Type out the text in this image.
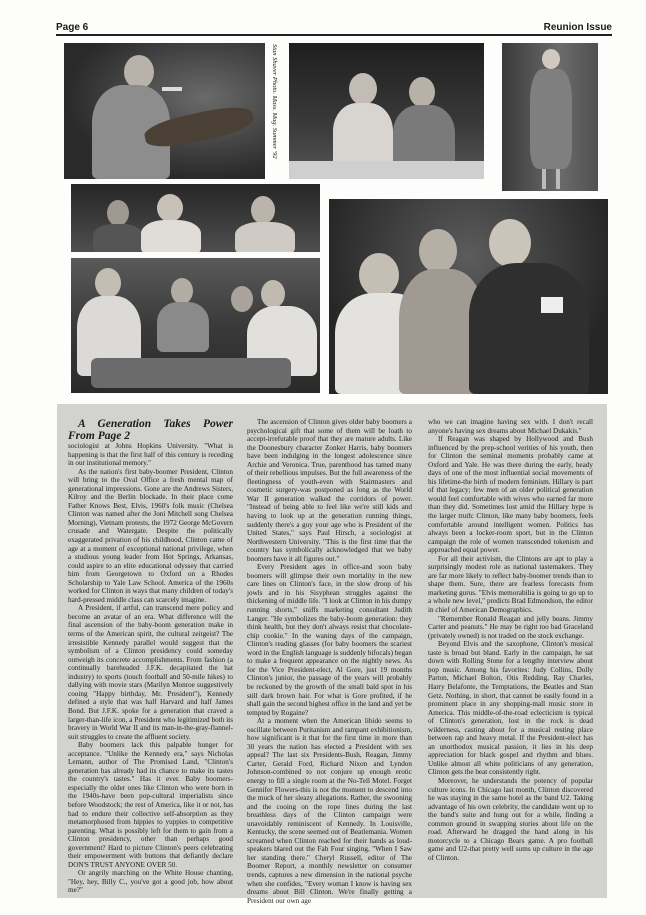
Page 6	Reunion Issue
Stan Shaver Photo. Mass. Mag. Summer '92

A Generation Takes Power From Page 2

sociologist at Johns Hopkins University. "What is happening is that the first half of this century is receding in our institutional memory."

As the nation's first baby-boomer President, Clinton will bring to the Oval Office a fresh mental map of generational impressions. Gone are the Andrews Sisters, Kilroy and the Berlin blockade. In their place come Father Knows Best, Elvis, 1960's folk music (Chelsea Clinton was named after the Joni Mitchell song Chelsea Morning), Vietnam protests, the 1972 George McGovern crusade and Watergate. Despite the politically exaggerated privation of his childhood, Clinton came of age at a moment of exceptional national privilege, when a studious young leader from Hot Springs, Arkansas, could aspire to an elite educational odyssey that carried him from Georgetown to Oxford on a Rhodes Scholarship to Yale Law School. America of the 1960s worked for Clinton in ways that many children of today's hard-pressed middle class can scarcely imagine.

A President, if artful, can transcend mere policy and become an avatar of an era. What difference will the final ascension of the baby-boom generation make in terms of the American spirit, the cultural zeitgeist? The irresistible Kennedy parallel would suggest that the symbolism of a Clinton presidency could someday outweigh its concrete accomplishments. From fashion (a continually bareheaded J.F.K. decapitated the hat industry) to sports (touch football and 50-mile hikes) to dallying with movie stars (Marilyn Monroe suggestively cooing "Happy birthday, Mr. President"), Kennedy defined a style that was half Harvard and half James Bond. But J.F.K. spoke for a generation that craved a larger-than-life icon, a President who legitimized both its bravery in World War II and its man-in-the-gray-flannel-suit struggles to create the affluent society.

Baby boomers lack this palpable hunger for acceptance. "Unlike the Kennedy era," says Nicholas Lemann, author of The Promised Land, "Clinton's generation has already had its chance to make its tastes the country's tastes." Has it ever. Baby boomers-especially the older ones like Clinton who were born in the 1940s-have been pop-cultural imperialists since before Woodstock; the rest of America, like it or not, has had to endure their collective self-absorption as they metamorphosed from hippies to yuppies to competitive parenting. What is possibly left for them to gain from a Clinton presidency, other than perhaps good government? Hard to picture Clinton's peers celebrating their empowerment with buttons that defiantly declare DON'S TRUST ANYONE OVER 50.

Or angrily marching on the White House chanting, "Hey, hey, Billy C., you've got a good job, how about me?"

The ascension of Clinton gives older baby boomers a psychological gift that some of them will be loath to accept-irrefutable proof that they are mature adults. Like the Doonesbury character Zonker Harris, baby boomers have been indulging in the longest adolescence since Archie and Veronica. True, parenthood has tamed many of their rebellious impulses. But the full awareness of the fleetingness of youth-even with Stairmasters and cosmetic surgery-was postponed as long as the World War II generation walked the corridors of power. "Instead of being able to feel like we're still kids and having to look up at the generation running things, suddenly there's a guy your age who is President of the United States," says Paul Hirsch, a sociologist at Northwestern University. "This is the first time that the country has symbolically acknowledged that we baby boomers have it all figures out."

Every President ages in office-and soon baby boomers will glimpse their own mortality in the new care lines on Clinton's face, in the slow droop of his jowls and in his Sisyphean struggles against the thickening of middle life. "I look at Clinton in his dumpy running shorts," sniffs marketing consultant Judith Langer. "He symbolizes the baby-boom generation: they think health, but they don't always resist that chocolate-chip cookie." In the waning days of the campaign, Clinton's reading glasses (for baby boomers the scariest word in the English language is suddenly bifocals) began to make a frequent appearance on the nightly news. As for the Vice President-elect, Al Gore, just 19 months Clinton's junior, the passage of the years will probably be reckoned by the growth of the small bald spot in his still dark brown hair. For what is Gore profited, if he shall gain the second highest office in the land and yet be tempted by Rogaine?

At a moment when the American libido seems to oscillate between Puritanism and rampant exhibitionism, how significant is it that for the first time in more than 30 years the nation has elected a President with sex appeal? The last six Presidents-Bush, Reagan, Jimmy Carter, Gerald Ford, Richard Nixon and Lyndon Johnson-combined to not conjure up enough erotic energy to fill a single room at the No-Tell Motel. Forget Gennifer Flowers-this is not the moment to descend into the muck of her sleazy allegations. Rather, the swooning and the cooing on the rope lines during the last breathless days of the Clinton campaign were unavoidably reminiscent of Kennedy. In Louisville, Kentucky, the scene seemed out of Beatlemania. Women screamed when Clinton reached for their hands as loud-speakers blared out the Fab Four singing, "When I Saw her standing there." Cheryl Russell, editor of The Boomer Report, a monthly newsletter on consumer trends, captures a new dimension in the national psyche when she confides, "Every woman I know is having sex dreams about Bill Clinton. We're finally getting a President our own age

who we can imagine having sex with. I don't recall anyone's having sex dreams about Michael Dukakis."

If Reagan was shaped by Hollywood and Bush influenced by the prep-school verities of his youth, then for Clinton the seminal moments probably came at Oxford and Yale. He was there during the early, heady days of one of the most influential social movements of his lifetime-the birth of modern feminism. Hillary is part of that legacy; few men of an older political generation would feel comfortable with wives who earned far more than they did. Sometimes lost amid the Hillary hype is the larger truth: Clinton, like many baby boomers, feels comfortable around intelligent women. Politics has always been a locker-room sport, but in the Clinton campaign the role of women transcended tokenism and approached equal power.

For all their activism, the Clintons are apt to play a surprisingly modest role as national tastemakers. They are far more likely to reflect baby-boomer trends than to shape them. Sure, there are fearless forecasts from marketing gurus. "Elvis memorabilia is going to go up to a whole new level," predicts Brad Edmondson, the editor in chief of American Demographics.

"Remember Ronald Reagan and jelly beans. Jimmy Carter and peanuts." He may be right too bad Graceland (privately owned) is not traded on the stock exchange.

Beyond Elvis and the saxophone, Clinton's musical taste is broad but bland. Early in the campaign, he sat down with Rolling Stone for a lengthy interview about pop music. Among his favorites: Judy Collins, Dolly Parton, Michael Bolton, Otis Redding, Ray Charles, Harry Belafonte, the Temptations, the Beatles and Stan Getz. Nothing, in short, that cannot be easily found in a prominent place in any shopping-mall music store in America. This middle-of-the-road eclecticism is typical of Clinton's generation, lost in the rock is dead wilderness, casting about for a musical resting place between rap and heavy metal. If the President-elect has an unorthodox musical passion, it lies in his deep appreciation for black gospel and rhythm and blues. Unlike almost all white politicians of any generation, Clinton gets the beat consistently right.

Moreover, he understands the potency of popular culture icons. In Chicago last month, Clinton discovered he was staying in the same hotel as the band U2. Taking advantage of his own celebrity, the candidate went up to the band's suite and hung out for a while, finding a common ground in swapping stories about life on the road. Afterward he dragged the band along in his motorcycle to a Chicago Bears game. A pro football game and U2-that pretty well sums up culture in the age of Clinton.
